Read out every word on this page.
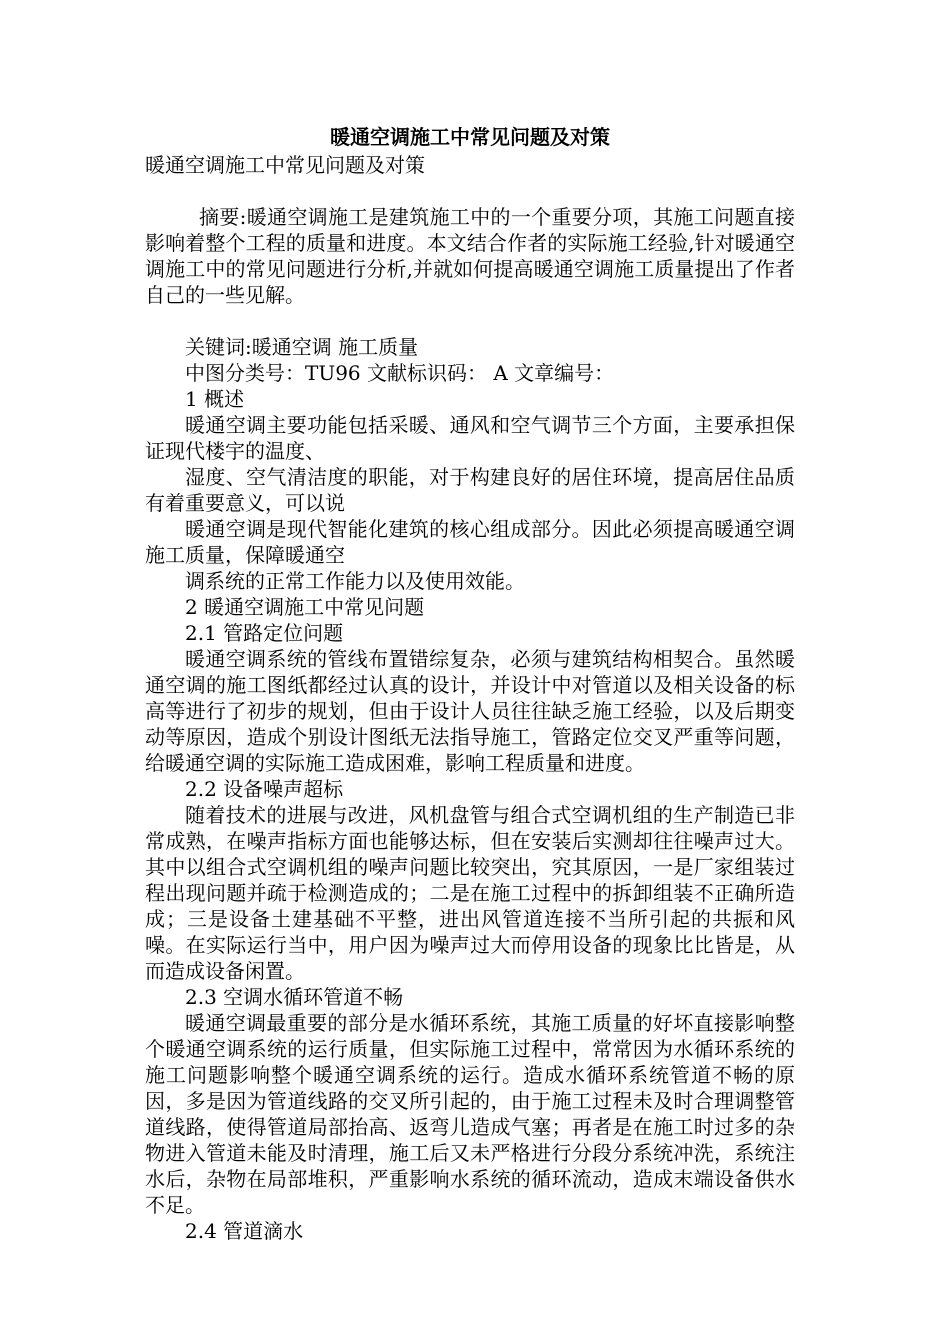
暖通空调施工中常见问题及对策

暖通空调施工中常见问题及对策

摘要:暖通空调施工是建筑施工中的一个重要分项，其施工问题直接影响着整个工程的质量和进度。本文结合作者的实际施工经验,针对暖通空调施工中的常见问题进行分析,并就如何提高暖通空调施工质量提出了作者自己的一些见解。

关键词:暖通空调 施工质量

中图分类号：TU96 文献标识码： A 文章编号：

1 概述

暖通空调主要功能包括采暖、通风和空气调节三个方面，主要承担保证现代楼宇的温度、

湿度、空气清洁度的职能，对于构建良好的居住环境，提高居住品质有着重要意义，可以说

暖通空调是现代智能化建筑的核心组成部分。因此必须提高暖通空调施工质量，保障暖通空

调系统的正常工作能力以及使用效能。

2 暖通空调施工中常见问题

2.1 管路定位问题

暖通空调系统的管线布置错综复杂，必须与建筑结构相契合。虽然暖通空调的施工图纸都经过认真的设计，并设计中对管道以及相关设备的标高等进行了初步的规划，但由于设计人员往往缺乏施工经验，以及后期变动等原因，造成个别设计图纸无法指导施工，管路定位交叉严重等问题，给暖通空调的实际施工造成困难，影响工程质量和进度。

2.2 设备噪声超标

随着技术的进展与改进，风机盘管与组合式空调机组的生产制造已非常成熟，在噪声指标方面也能够达标，但在安装后实测却往往噪声过大。其中以组合式空调机组的噪声问题比较突出，究其原因，一是厂家组装过程出现问题并疏于检测造成的；二是在施工过程中的拆卸组装不正确所造成；三是设备土建基础不平整，进出风管道连接不当所引起的共振和风噪。在实际运行当中，用户因为噪声过大而停用设备的现象比比皆是，从而造成设备闲置。

2.3 空调水循环管道不畅

暖通空调最重要的部分是水循环系统，其施工质量的好坏直接影响整个暖通空调系统的运行质量，但实际施工过程中，常常因为水循环系统的施工问题影响整个暖通空调系统的运行。造成水循环系统管道不畅的原因，多是因为管道线路的交叉所引起的，由于施工过程未及时合理调整管道线路，使得管道局部抬高、返弯儿造成气塞；再者是在施工时过多的杂物进入管道未能及时清理，施工后又未严格进行分段分系统冲洗，系统注水后，杂物在局部堆积，严重影响水系统的循环流动，造成末端设备供水不足。

2.4 管道滴水
